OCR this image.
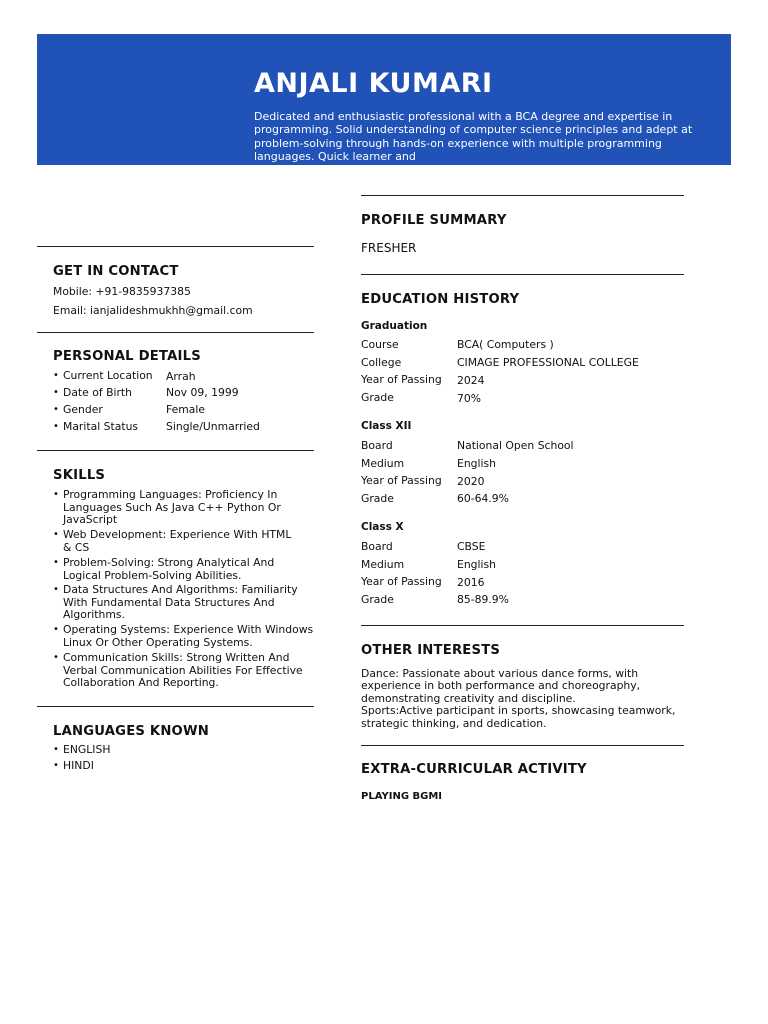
ANJALI KUMARI
Dedicated and enthusiastic professional with a BCA degree and expertise in programming. Solid understanding of computer science principles and adept at problem-solving through hands-on experience with multiple programming languages. Quick learner and
GET IN CONTACT
Mobile: +91-9835937385
Email: ianjalideshmukhh@gmail.com
PERSONAL DETAILS
• Current Location Arrah
• Date of Birth	Nov 09, 1999
• Gender	Female
• Marital Status	Single/Unmarried
SKILLS
• Programming Languages: Proficiency In Languages Such As Java C++ Python Or JavaScript
• Web Development: Experience With HTML & CS
• Problem-Solving: Strong Analytical And Logical Problem-Solving Abilities.
• Data Structures And Algorithms: Familiarity With Fundamental Data Structures And Algorithms.
• Operating Systems: Experience With Windows Linux Or Other Operating Systems.
• Communication Skills: Strong Written And Verbal Communication Abilities For Effective Collaboration And Reporting.
LANGUAGES KNOWN
• ENGLISH
• HINDI
PROFILE SUMMARY
FRESHER
EDUCATION HISTORY
Graduation
Course	BCA( Computers )
College	CIMAGE PROFESSIONAL COLLEGE
Year of Passing 2024
Grade	70%
Class XII
Board	National Open School
Medium	English
Year of Passing 2020
Grade	60-64.9%
Class X
Board	CBSE
Medium	English
Year of Passing 2016
Grade	85-89.9%
OTHER INTERESTS
Dance: Passionate about various dance forms, with experience in both performance and choreography, demonstrating creativity and discipline.
Sports:Active participant in sports, showcasing teamwork, strategic thinking, and dedication.
EXTRA-CURRICULAR ACTIVITY
PLAYING BGMI
